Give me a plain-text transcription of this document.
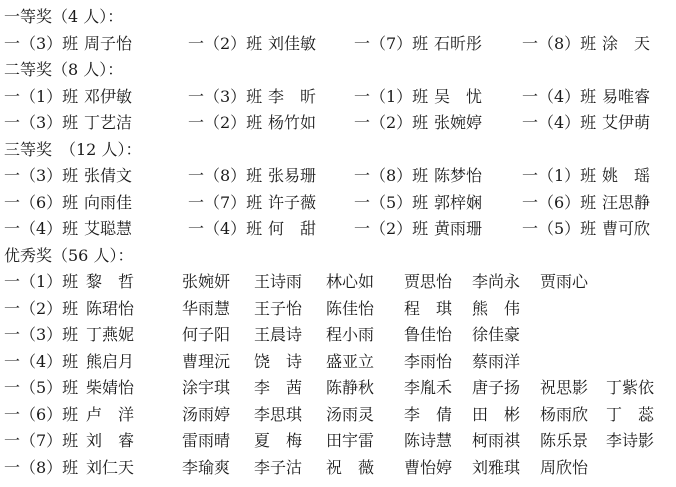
一等奖（4 人）：
一（3）班 周子怡	一（2）班 刘佳敏 一（7）班 石昕彤 一（8）班 涂　天
二等奖（8 人）：
一（1）班 邓伊敏	一（3）班 李　昕 一（1）班 吴　忧 一（4）班 易唯睿
一（3）班 丁艺洁	一（2）班 杨竹如 一（2）班 张婉婷 一（4）班 艾伊萌
三等奖　（12 人）：
一（3）班 张倩文	一（8）班 张易珊 一（8）班 陈梦怡 一（1）班 姚　瑶
一（6）班 向雨佳	一（7）班 许子薇 一（5）班 郭梓娴 一（6）班 汪思静
一（4）班 艾聪慧	一（4）班 何　甜 一（2）班 黄雨珊 一（5）班 曹可欣
优秀奖（56 人）：
一（1）班 黎　哲	张婉妍 王诗雨 林心如 贾思怡 李尚永 贾雨心
一（2）班 陈珺怡	华雨慧 王子怡 陈佳怡 程　琪 熊　伟
一（3）班 丁燕妮	何子阳 王晨诗 程小雨 鲁佳怡 徐佳豪
一（4）班 熊启月	曹理沅 饶　诗 盛亚立 李雨怡 蔡雨洋
一（5）班 柴婧怡	涂宇琪 李　茜 陈静秋 李胤禾 唐子扬 祝思影 丁紫依
一（6）班 卢　洋	汤雨婷 李思琪 汤雨灵 李　倩 田　彬 杨雨欣 丁　蕊
一（7）班 刘　睿	雷雨晴 夏　梅 田宇雷 陈诗慧 柯雨祺 陈乐景 李诗影
一（8）班 刘仁天	李瑜爽 李子沽 祝　薇 曹怡婷 刘雅琪 周欣怡
